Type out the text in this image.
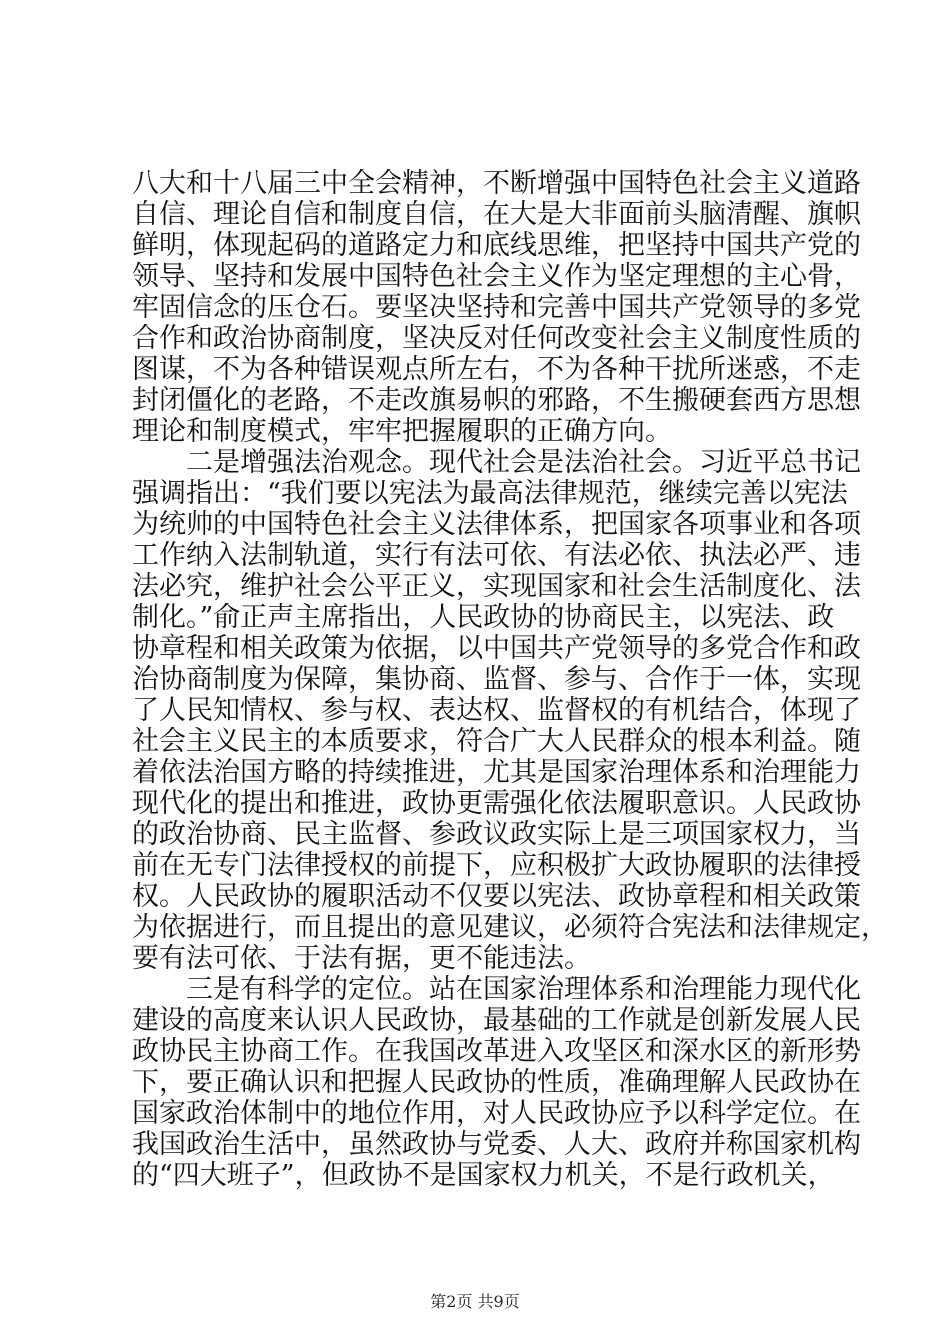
八大和十八届三中全会精神，不断增强中国特色社会主义道路
自信、理论自信和制度自信，在大是大非面前头脑清醒、旗帜
鲜明，体现起码的道路定力和底线思维，把坚持中国共产党的
领导、坚持和发展中国特色社会主义作为坚定理想的主心骨，
牢固信念的压仓石。要坚决坚持和完善中国共产党领导的多党
合作和政治协商制度，坚决反对任何改变社会主义制度性质的
图谋，不为各种错误观点所左右，不为各种干扰所迷惑，不走
封闭僵化的老路，不走改旗易帜的邪路，不生搬硬套西方思想
理论和制度模式，牢牢把握履职的正确方向。
二是增强法治观念。现代社会是法治社会。习近平总书记
强调指出：“我们要以宪法为最高法律规范，继续完善以宪法
为统帅的中国特色社会主义法律体系，把国家各项事业和各项
工作纳入法制轨道，实行有法可依、有法必依、执法必严、违
法必究，维护社会公平正义，实现国家和社会生活制度化、法
制化。”俞正声主席指出，人民政协的协商民主，以宪法、政
协章程和相关政策为依据，以中国共产党领导的多党合作和政
治协商制度为保障，集协商、监督、参与、合作于一体，实现
了人民知情权、参与权、表达权、监督权的有机结合，体现了
社会主义民主的本质要求，符合广大人民群众的根本利益。随
着依法治国方略的持续推进，尤其是国家治理体系和治理能力
现代化的提出和推进，政协更需强化依法履职意识。人民政协
的政治协商、民主监督、参政议政实际上是三项国家权力，当
前在无专门法律授权的前提下，应积极扩大政协履职的法律授
权。人民政协的履职活动不仅要以宪法、政协章程和相关政策
为依据进行，而且提出的意见建议，必须符合宪法和法律规定，
要有法可依、于法有据，更不能违法。
三是有科学的定位。站在国家治理体系和治理能力现代化
建设的高度来认识人民政协，最基础的工作就是创新发展人民
政协民主协商工作。在我国改革进入攻坚区和深水区的新形势
下，要正确认识和把握人民政协的性质，准确理解人民政协在
国家政治体制中的地位作用，对人民政协应予以科学定位。在
我国政治生活中，虽然政协与党委、人大、政府并称国家机构
的“四大班子”，但政协不是国家权力机关，不是行政机关，
第2页 共9页
